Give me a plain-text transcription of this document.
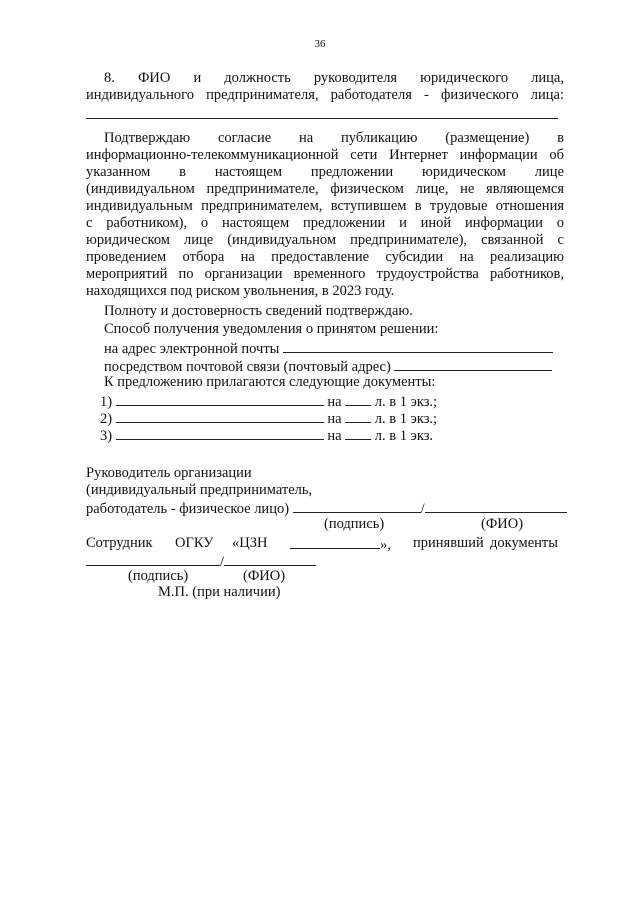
36
8. ФИО и должность руководителя юридического лица,
индивидуального предпринимателя, работодателя - физического лица:
Подтверждаю согласие на публикацию (размещение) в
информационно-телекоммуникационной сети Интернет информации об
указанном в настоящем предложении юридическом лице
(индивидуальном предпринимателе, физическом лице, не являющемся
индивидуальным предпринимателем, вступившем в трудовые отношения
с работником), о настоящем предложении и иной информации о
юридическом лице (индивидуальном предпринимателе), связанной с
проведением отбора на предоставление субсидии на реализацию
мероприятий по организации временного трудоустройства работников,
находящихся под риском увольнения, в 2023 году.
Полноту и достоверность сведений подтверждаю.
Способ получения уведомления о принятом решении:
на адрес электронной почты
посредством почтовой связи (почтовый адрес)
К предложению прилагаются следующие документы:
1)	на л. в 1 экз.;
2)	на л. в 1 экз.;
3)	на л. в 1 экз.
Руководитель организации
(индивидуальный предприниматель,
работодатель - физическое лицо)	/
(подпись)	(ФИО)
Сотрудник ОГКУ «ЦЗН	», принявший документы
/
(подпись)	(ФИО)
М.П. (при наличии)
